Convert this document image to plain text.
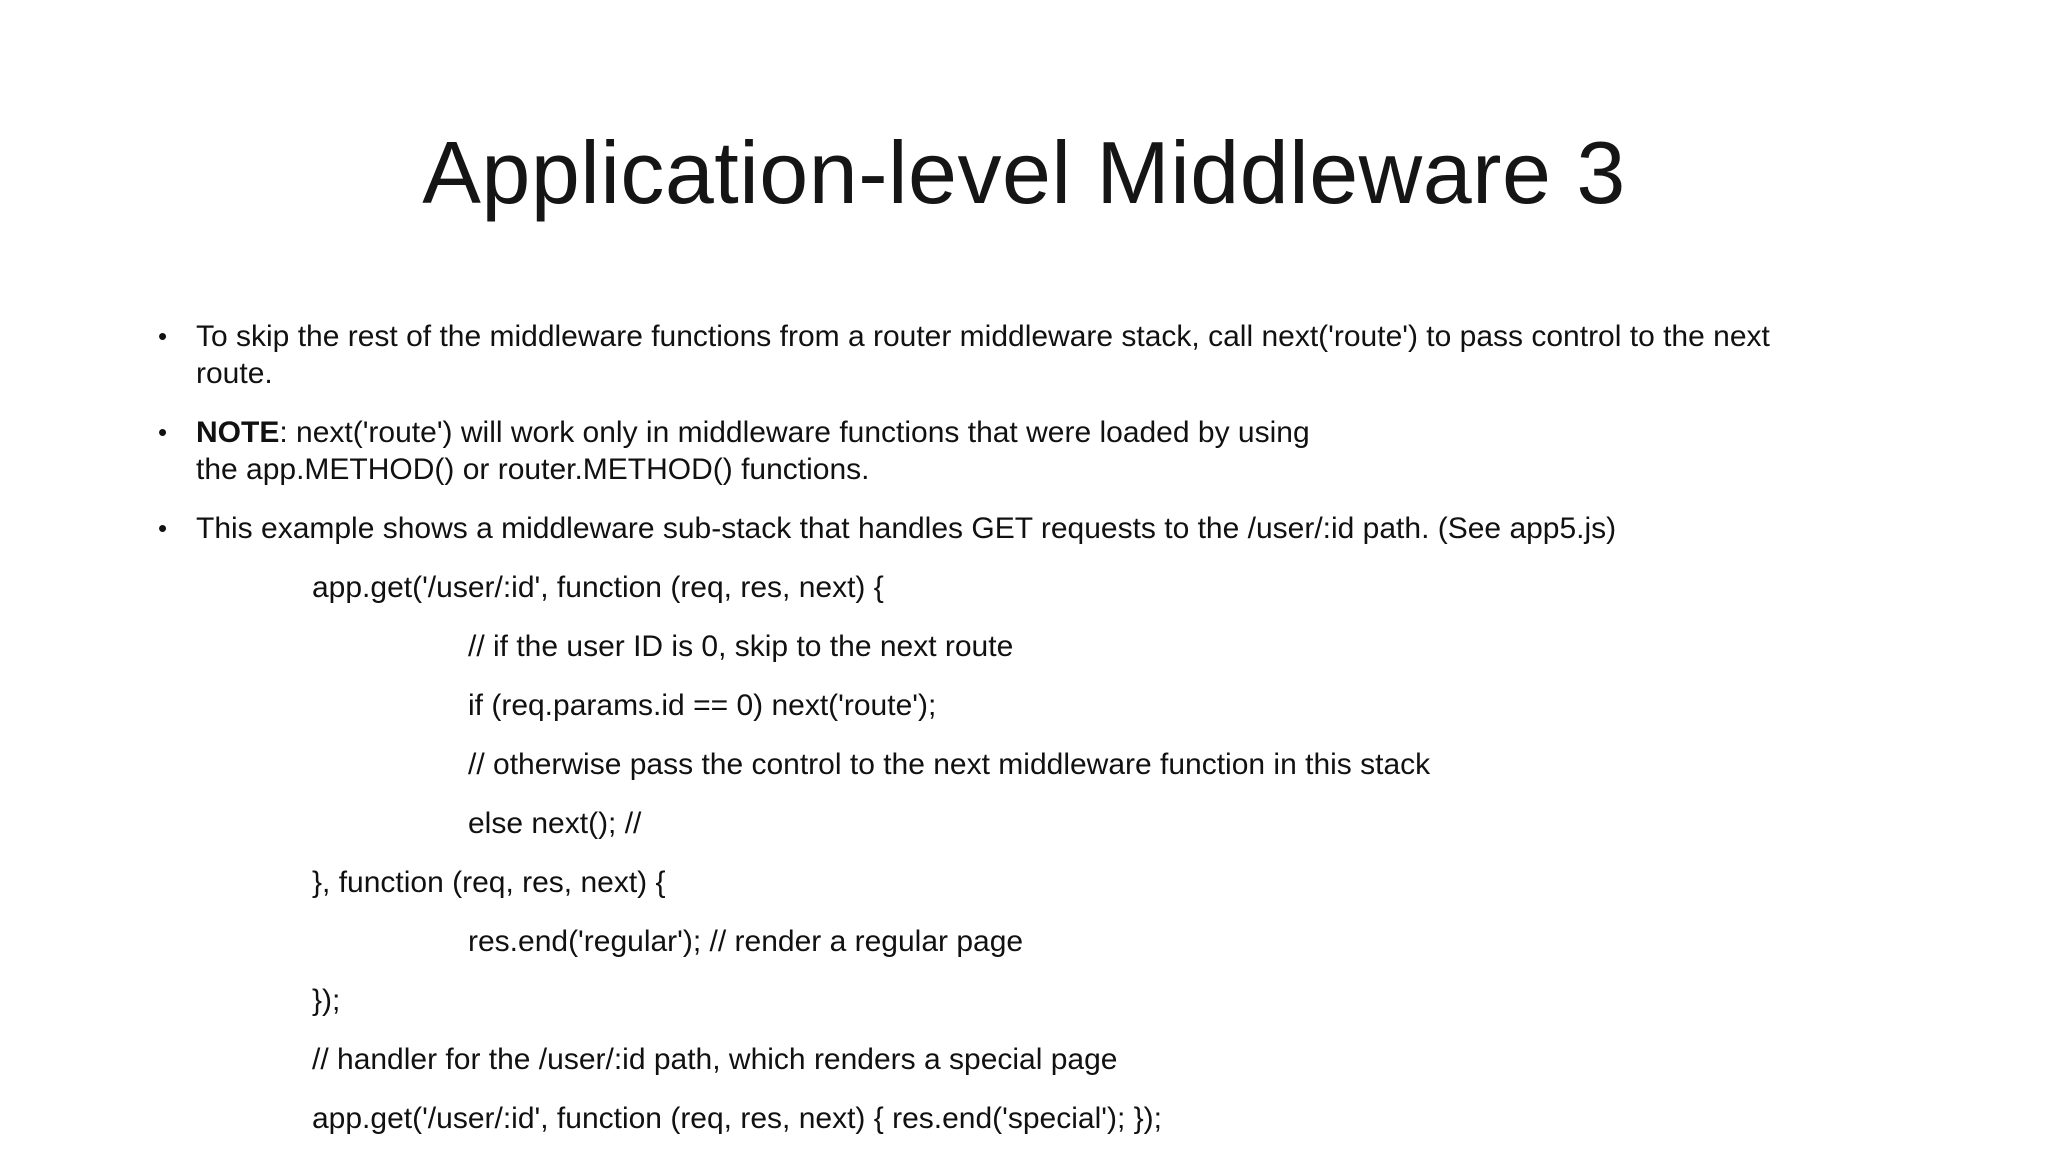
Application-level Middleware 3
• To skip the rest of the middleware functions from a router middleware stack, call next('route') to pass control to the next
route.
• NOTE: next('route') will work only in middleware functions that were loaded by using
the app.METHOD() or router.METHOD() functions.
• This example shows a middleware sub-stack that handles GET requests to the /user/:id path. (See app5.js)
app.get('/user/:id', function (req, res, next) {
// if the user ID is 0, skip to the next route
if (req.params.id == 0) next('route');
// otherwise pass the control to the next middleware function in this stack
else next(); //
}, function (req, res, next) {
res.end('regular'); // render a regular page
});
// handler for the /user/:id path, which renders a special page
app.get('/user/:id', function (req, res, next) { res.end('special'); });
